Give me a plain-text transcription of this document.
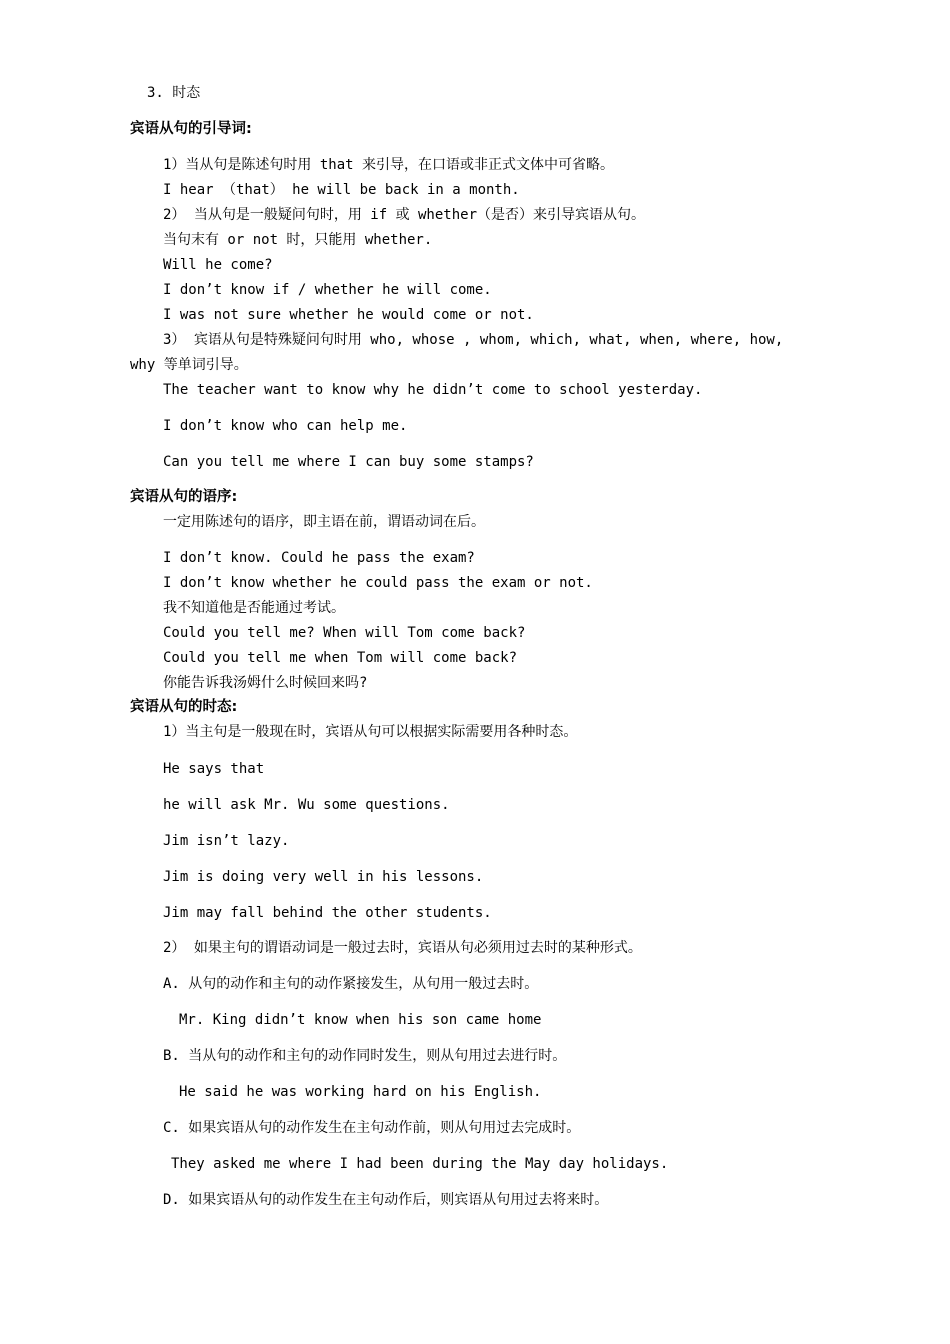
3. 时态
宾语从句的引导词:
1）当从句是陈述句时用 that 来引导，在口语或非正式文体中可省略。
I hear （that） he will be back in a month.
2） 当从句是一般疑问句时，用 if 或 whether（是否）来引导宾语从句。
当句末有 or not 时，只能用 whether.
Will he come?
I don’t know if / whether he will come.
I was not sure whether he would come or not.
3） 宾语从句是特殊疑问句时用 who, whose , whom, which, what, when, where, how,
why 等单词引导。
The teacher want to know why he didn’t come to school yesterday.
I don’t know who can help me.
Can you tell me where I can buy some stamps?
宾语从句的语序:
一定用陈述句的语序，即主语在前，谓语动词在后。
I don’t know. Could he pass the exam?
I don’t know whether he could pass the exam or not.
我不知道他是否能通过考试。
Could you tell me? When will Tom come back?
Could you tell me when Tom will come back?
你能告诉我汤姆什么时候回来吗?
宾语从句的时态:
1）当主句是一般现在时，宾语从句可以根据实际需要用各种时态。
He says that
he will ask Mr. Wu some questions.
Jim isn’t lazy.
Jim is doing very well in his lessons.
Jim may fall behind the other students.
2） 如果主句的谓语动词是一般过去时，宾语从句必须用过去时的某种形式。
A. 从句的动作和主句的动作紧接发生，从句用一般过去时。
Mr. King didn’t know when his son came home
B. 当从句的动作和主句的动作同时发生，则从句用过去进行时。
He said he was working hard on his English.
C. 如果宾语从句的动作发生在主句动作前，则从句用过去完成时。
They asked me where I had been during the May day holidays.
D. 如果宾语从句的动作发生在主句动作后，则宾语从句用过去将来时。
